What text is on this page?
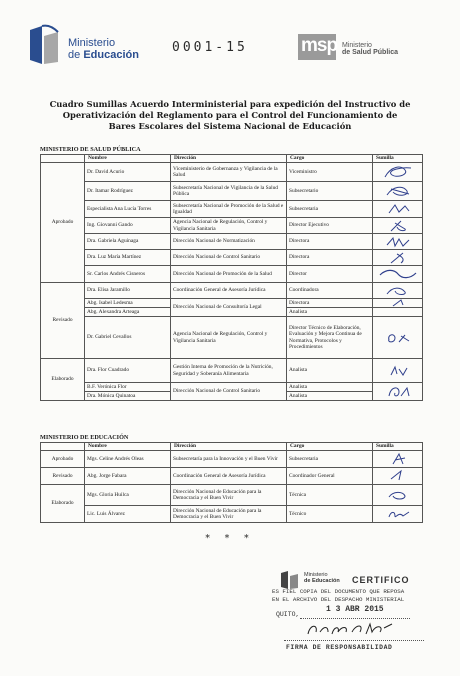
Ministerio
de Educación	0001-15	msp Ministerio
de Salud Pública
Cuadro Sumillas Acuerdo Interministerial para expedición del Instructivo de
Operativización del Reglamento para el Control del Funcionamiento de
Bares Escolares del Sistema Nacional de Educación
MINISTERIO DE SALUD PÚBLICA
	Nombre	Dirección	Cargo	Sumilla
Aprobado	Dr. David Acurio	Viceministerio de Gobernanza y Vigilancia de la Salud	Viceministro	

	Dr. Itamar Rodríguez	Subsecretaría Nacional de Vigilancia de la Salud Pública	Subsecretario	

	Especialista Ana Lucía Torres	Subsecretaría Nacional de Promoción de la Salud e Igualdad	Subsecretaria	

	Ing. Giovanni Gando	Agencia Nacional de Regulación, Control y Vigilancia Sanitaria	Director Ejecutivo	

	Dra. Gabriela Aguinaga	Dirección Nacional de Normatización	Directora	

	Dra. Luz María Martínez	Dirección Nacional de Control Sanitario	Directora	

	Sr. Carlos Andrés Cisneros	Dirección Nacional de Promoción de la Salud	Director	

Revisado	Dra. Elisa Jaramillo	Coordinación General de Asesoría Jurídica	Coordinadora	

	Abg. Isabel Ledesma	Dirección Nacional de Consultoría Legal	Directora	

	Abg. Alexandra Arteaga		Analista	
	Dr. Gabriel Cevallos	Agencia Nacional de Regulación, Control y Vigilancia Sanitaria	Director Técnico de Elaboración, Evaluación y Mejora Continua de Normativa, Protocolos y Procedimientos	

Elaborado	Dra. Flor Cuadrado	Gestión Interna de Promoción de la Nutrición, Seguridad y Soberanía Alimentaria	Analista	

	B.F. Verónica Flor	Dirección Nacional de Control Sanitario	Analista	

	Dra. Mónica Quinatoa		Analista	
MINISTERIO DE EDUCACIÓN
	Nombre	Dirección	Cargo	Sumilla
Aprobado	Mgs. Celine Andrés Oleas	Subsecretaría para la Innovación y el Buen Vivir	Subsecretaria	

Revisado	Abg. Jorge Fabara	Coordinación General de Asesoría Jurídica	Coordinador General	

Elaborado	Mgs. Gloria Huilca	Dirección Nacional de Educación para la Democracia y el Buen Vivir	Técnica	

	Lic. Luis Álvarez	Dirección Nacional de Educación para la Democracia y el Buen Vivir	Técnico	
* * *
Ministerio
de Educación CERTIFICO
ES FIEL COPIA DEL DOCUMENTO QUE REPOSA
EN EL ARCHIVO DEL DESPACHO MINISTERIAL
QUITO,
1 3 ABR 2015
FIRMA DE RESPONSABILIDAD
